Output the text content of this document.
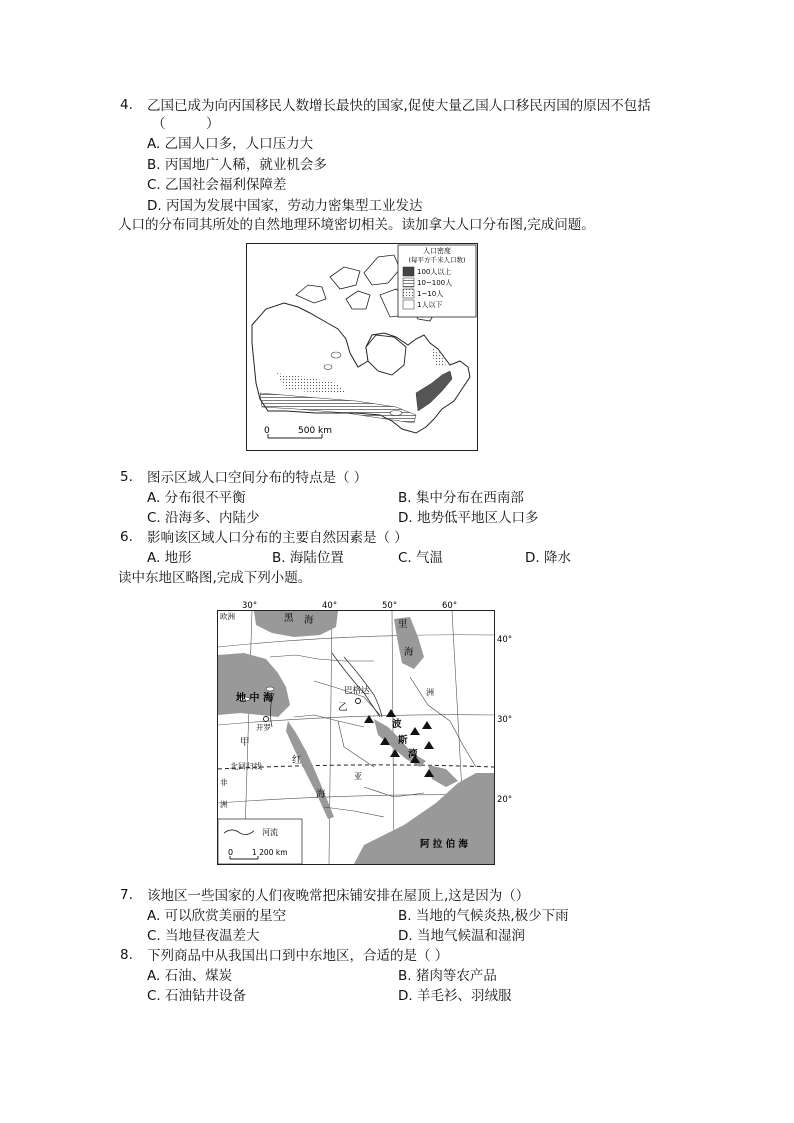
4. 乙国已成为向丙国移民人数增长最快的国家,促使大量乙国人口移民丙国的原因不包括
（　　　）
A. 乙国人口多，人口压力大
B. 丙国地广人稀，就业机会多
C. 乙国社会福利保障差
D. 丙国为发展中国家，劳动力密集型工业发达
人口的分布同其所处的自然地理环境密切相关。读加拿大人口分布图,完成问题。
人口密度
(每平方千米人口数)
100人以上
10~100人
1~10人
1人以下
0	500 km
5. 图示区域人口空间分布的特点是（ ）
A. 分布很不平衡	B. 集中分布在西南部
C. 沿海多、内陆少	D. 地势低平地区人口多
6. 影响该区域人口分布的主要自然因素是（ ）
A. 地形	B. 海陆位置	C. 气温	D. 降水
读中东地区略图,完成下列小题。
30°	40°	50°	60°
40°
30°
20°
欧洲	黑 海	里
海
地 中 海
巴格达
乙
甲
开罗	波
斯
湾
北回归线
红
海
亚
洲
非
洲
阿 拉 伯 海
河流
0	1 200 km
7. 该地区一些国家的人们夜晚常把床铺安排在屋顶上,这是因为（）
A. 可以欣赏美丽的星空	B. 当地的气候炎热,极少下雨
C. 当地昼夜温差大	D. 当地气候温和湿润
8. 下列商品中从我国出口到中东地区，合适的是（ ）
A. 石油、煤炭	B. 猪肉等农产品
C. 石油钻井设备	D. 羊毛衫、羽绒服
